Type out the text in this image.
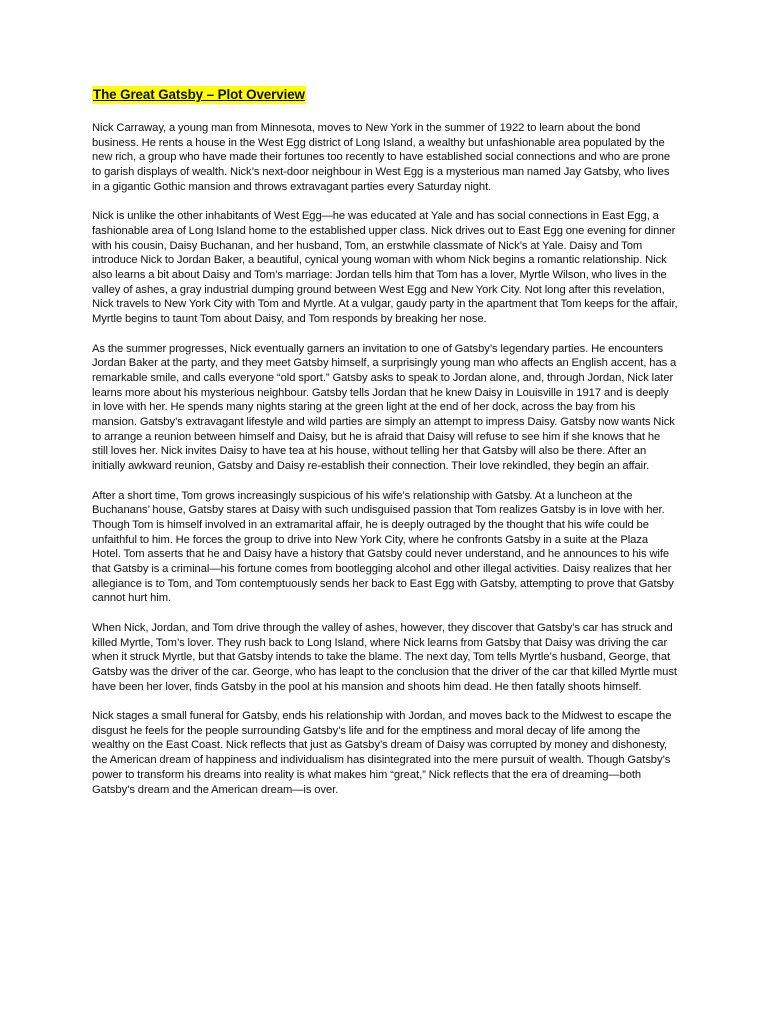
The Great Gatsby – Plot Overview

Nick Carraway, a young man from Minnesota, moves to New York in the summer of 1922 to learn about the bond business. He rents a house in the West Egg district of Long Island, a wealthy but unfashionable area populated by the new rich, a group who have made their fortunes too recently to have established social connections and who are prone to garish displays of wealth. Nick’s next-door neighbour in West Egg is a mysterious man named Jay Gatsby, who lives in a gigantic Gothic mansion and throws extravagant parties every Saturday night.

Nick is unlike the other inhabitants of West Egg—he was educated at Yale and has social connections in East Egg, a fashionable area of Long Island home to the established upper class. Nick drives out to East Egg one evening for dinner with his cousin, Daisy Buchanan, and her husband, Tom, an erstwhile classmate of Nick’s at Yale. Daisy and Tom introduce Nick to Jordan Baker, a beautiful, cynical young woman with whom Nick begins a romantic relationship. Nick also learns a bit about Daisy and Tom’s marriage: Jordan tells him that Tom has a lover, Myrtle Wilson, who lives in the valley of ashes, a gray industrial dumping ground between West Egg and New York City. Not long after this revelation, Nick travels to New York City with Tom and Myrtle. At a vulgar, gaudy party in the apartment that Tom keeps for the affair, Myrtle begins to taunt Tom about Daisy, and Tom responds by breaking her nose.

As the summer progresses, Nick eventually garners an invitation to one of Gatsby’s legendary parties. He encounters Jordan Baker at the party, and they meet Gatsby himself, a surprisingly young man who affects an English accent, has a remarkable smile, and calls everyone “old sport.” Gatsby asks to speak to Jordan alone, and, through Jordan, Nick later learns more about his mysterious neighbour. Gatsby tells Jordan that he knew Daisy in Louisville in 1917 and is deeply in love with her. He spends many nights staring at the green light at the end of her dock, across the bay from his mansion. Gatsby’s extravagant lifestyle and wild parties are simply an attempt to impress Daisy. Gatsby now wants Nick to arrange a reunion between himself and Daisy, but he is afraid that Daisy will refuse to see him if she knows that he still loves her. Nick invites Daisy to have tea at his house, without telling her that Gatsby will also be there. After an initially awkward reunion, Gatsby and Daisy re-establish their connection. Their love rekindled, they begin an affair.

After a short time, Tom grows increasingly suspicious of his wife’s relationship with Gatsby. At a luncheon at the Buchanans’ house, Gatsby stares at Daisy with such undisguised passion that Tom realizes Gatsby is in love with her. Though Tom is himself involved in an extramarital affair, he is deeply outraged by the thought that his wife could be unfaithful to him. He forces the group to drive into New York City, where he confronts Gatsby in a suite at the Plaza Hotel. Tom asserts that he and Daisy have a history that Gatsby could never understand, and he announces to his wife that Gatsby is a criminal—his fortune comes from bootlegging alcohol and other illegal activities. Daisy realizes that her allegiance is to Tom, and Tom contemptuously sends her back to East Egg with Gatsby, attempting to prove that Gatsby cannot hurt him.

When Nick, Jordan, and Tom drive through the valley of ashes, however, they discover that Gatsby’s car has struck and killed Myrtle, Tom’s lover. They rush back to Long Island, where Nick learns from Gatsby that Daisy was driving the car when it struck Myrtle, but that Gatsby intends to take the blame. The next day, Tom tells Myrtle’s husband, George, that Gatsby was the driver of the car. George, who has leapt to the conclusion that the driver of the car that killed Myrtle must have been her lover, finds Gatsby in the pool at his mansion and shoots him dead. He then fatally shoots himself.

Nick stages a small funeral for Gatsby, ends his relationship with Jordan, and moves back to the Midwest to escape the disgust he feels for the people surrounding Gatsby’s life and for the emptiness and moral decay of life among the wealthy on the East Coast. Nick reflects that just as Gatsby’s dream of Daisy was corrupted by money and dishonesty, the American dream of happiness and individualism has disintegrated into the mere pursuit of wealth. Though Gatsby’s power to transform his dreams into reality is what makes him “great,” Nick reflects that the era of dreaming—both Gatsby’s dream and the American dream—is over.
